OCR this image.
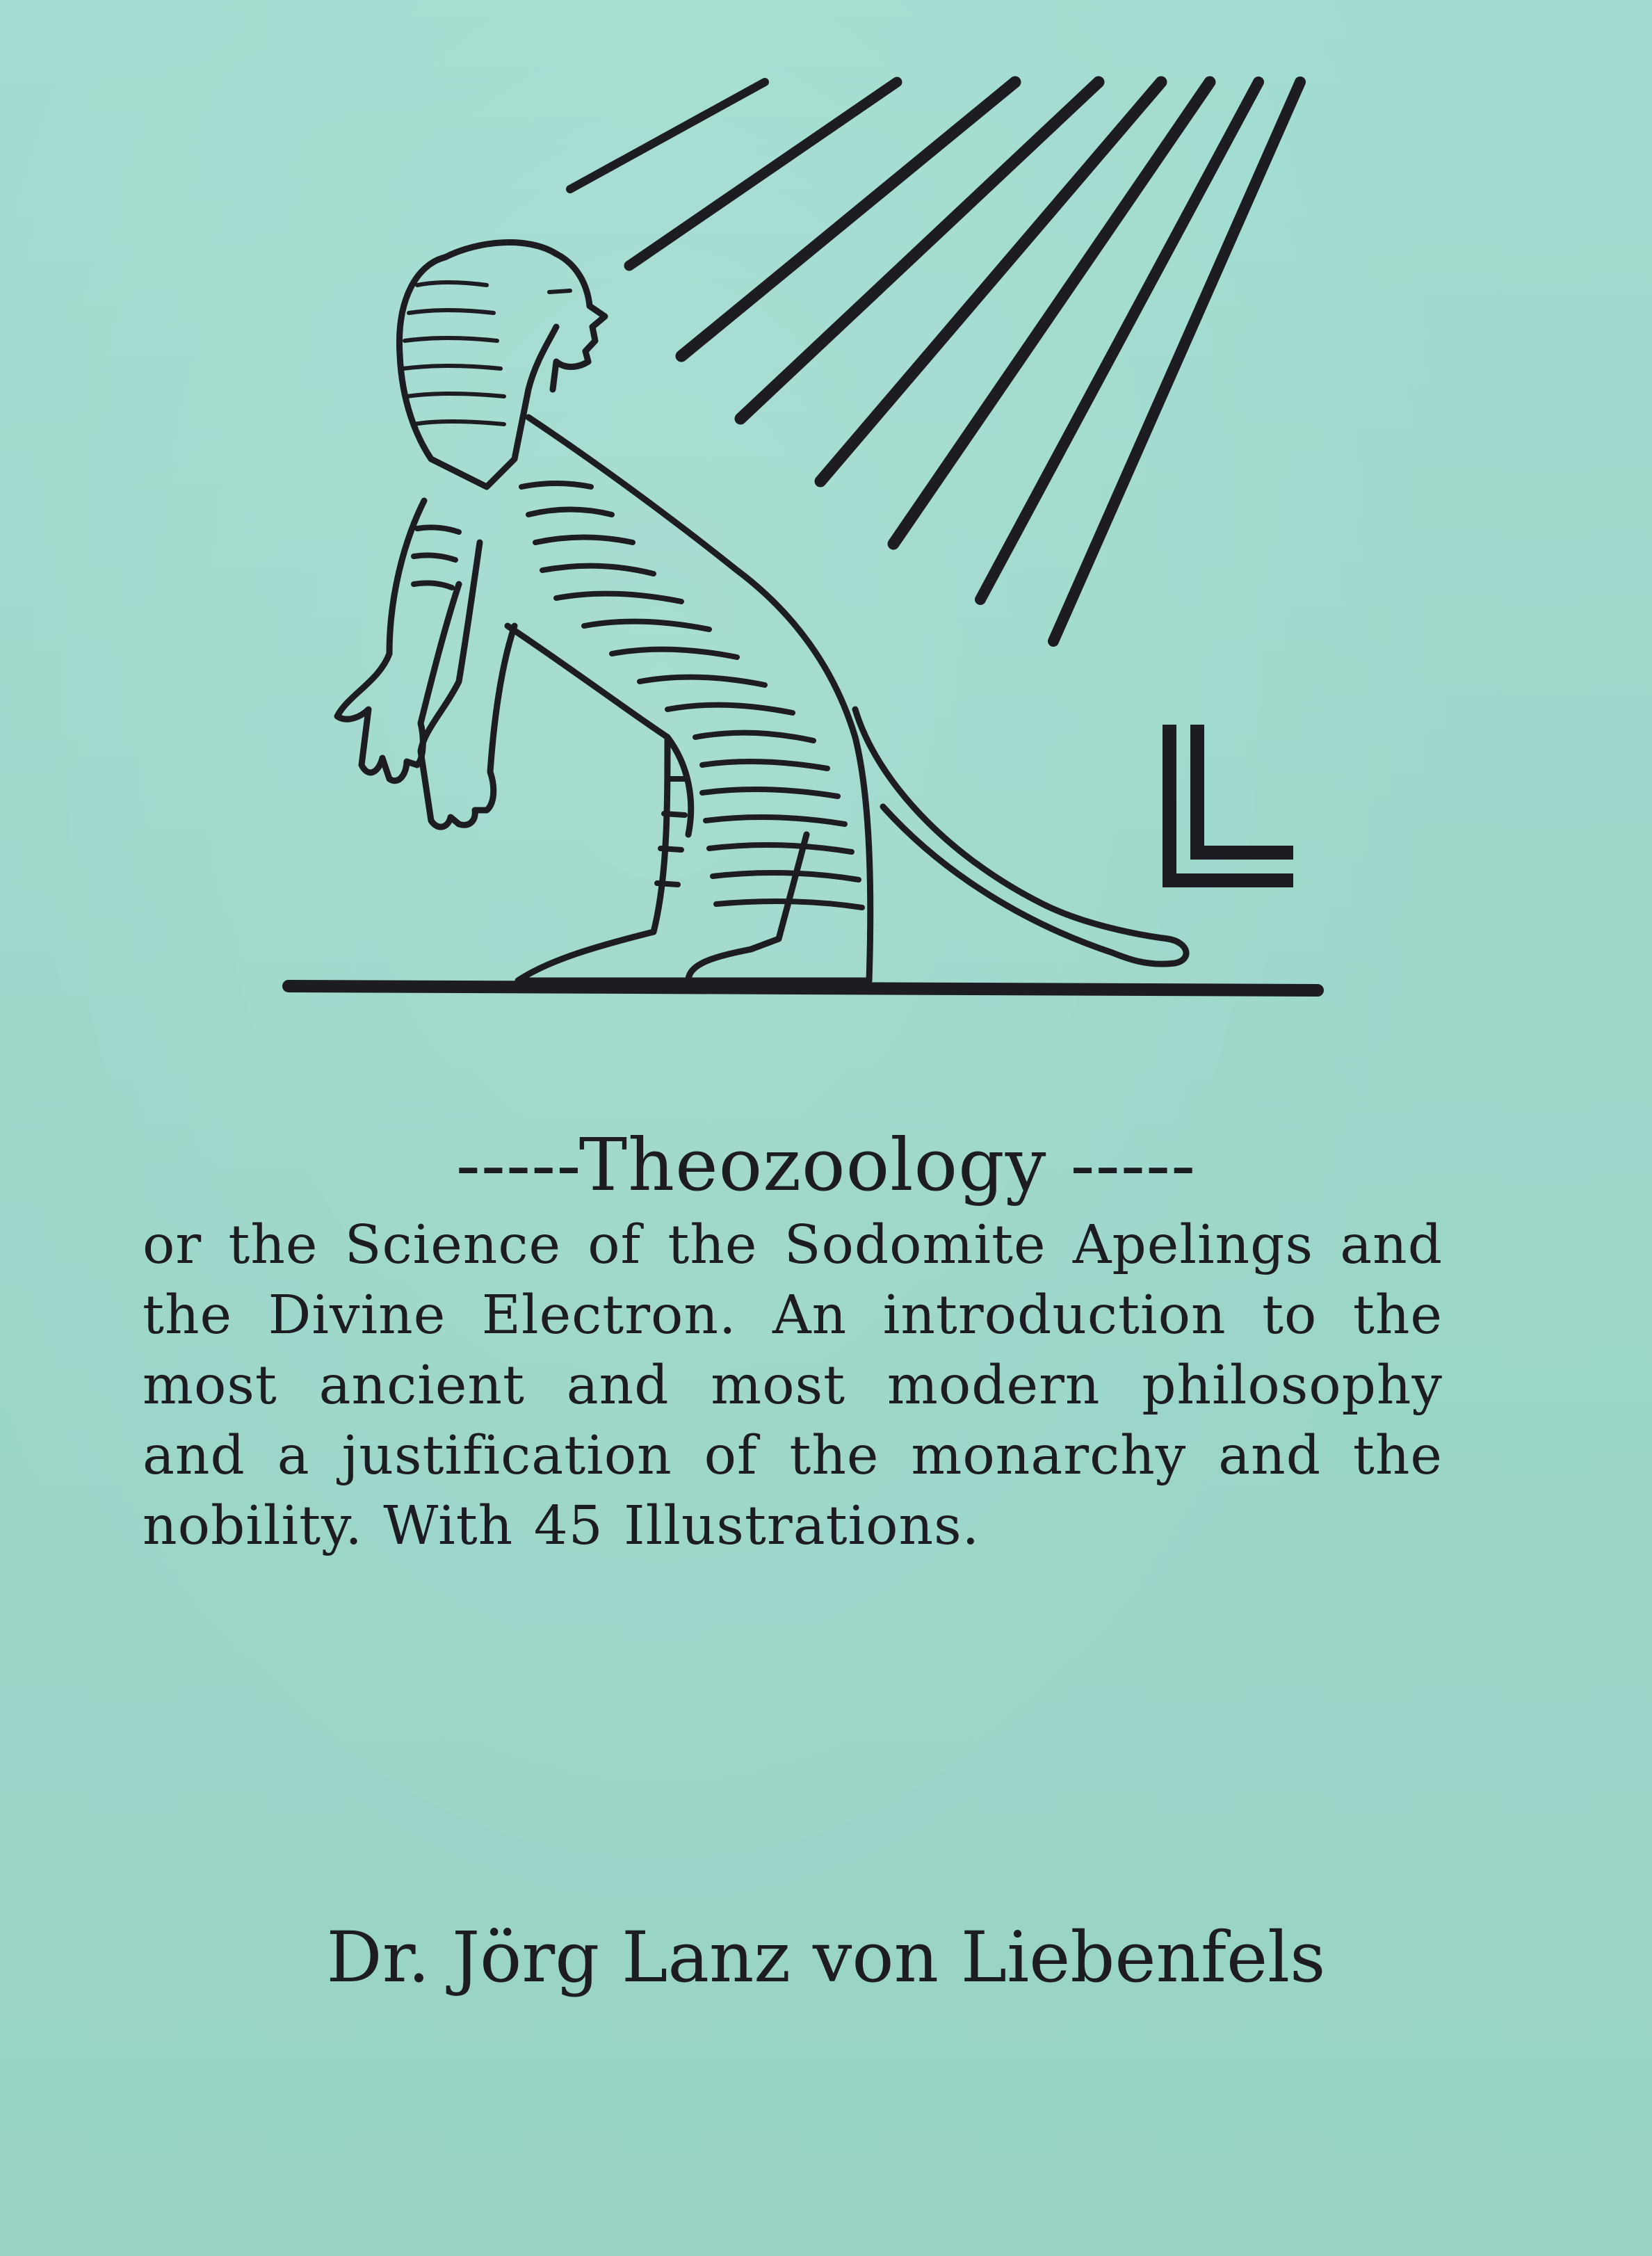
-----Theozoology -----
or the Science of the Sodomite Apelings and the Divine Electron. An introduction to the most ancient and most modern philosophy and a justification of the monarchy and the nobility. With 45 Illustrations.
Dr. Jörg Lanz von Liebenfels
